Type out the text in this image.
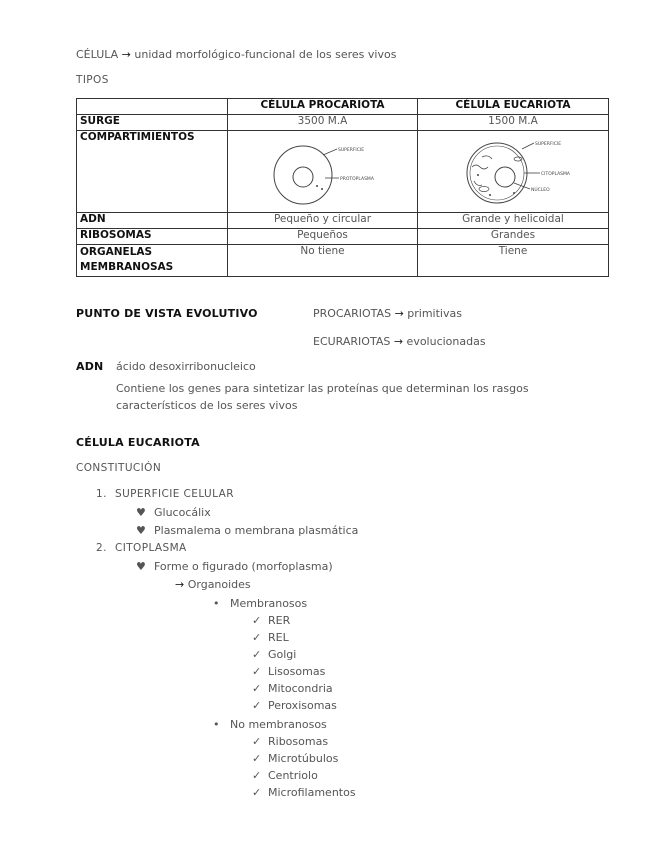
CÉLULA → unidad morfológico-funcional de los seres vivos
TIPOS
	CÉLULA PROCARIOTA	CÉLULA EUCARIOTA
SURGE	3500 M.A	1500 M.A
COMPARTIMIENTOS	SUPERFICIE
PROTOPLASMA	SUPERFICIE
CITOPLASMA
NÚCLEO

ADN	Pequeño y circular	Grande y helicoidal
RIBOSOMAS	Pequeños	Grandes

ORGANELAS MEMBRANOSAS	No tiene	Tiene
PUNTO DE VISTA EVOLUTIVO	PROCARIOTAS → primitivas
ECURARIOTAS → evolucionadas
ADN ácido desoxirribonucleico
Contiene los genes para sintetizar las proteínas que determinan los rasgos
característicos de los seres vivos
CÉLULA EUCARIOTA
CONSTITUCIÓN
1. SUPERFICIE CELULAR
♥ Glucocálix
♥ Plasmalema o membrana plasmática
2. CITOPLASMA
♥ Forme o figurado (morfoplasma)
→ Organoides
• Membranosos
✓ RER
✓ REL
✓ Golgi
✓ Lisosomas
✓ Mitocondria
✓ Peroxisomas
• No membranosos
✓ Ribosomas
✓ Microtúbulos
✓ Centriolo
✓ Microfilamentos
